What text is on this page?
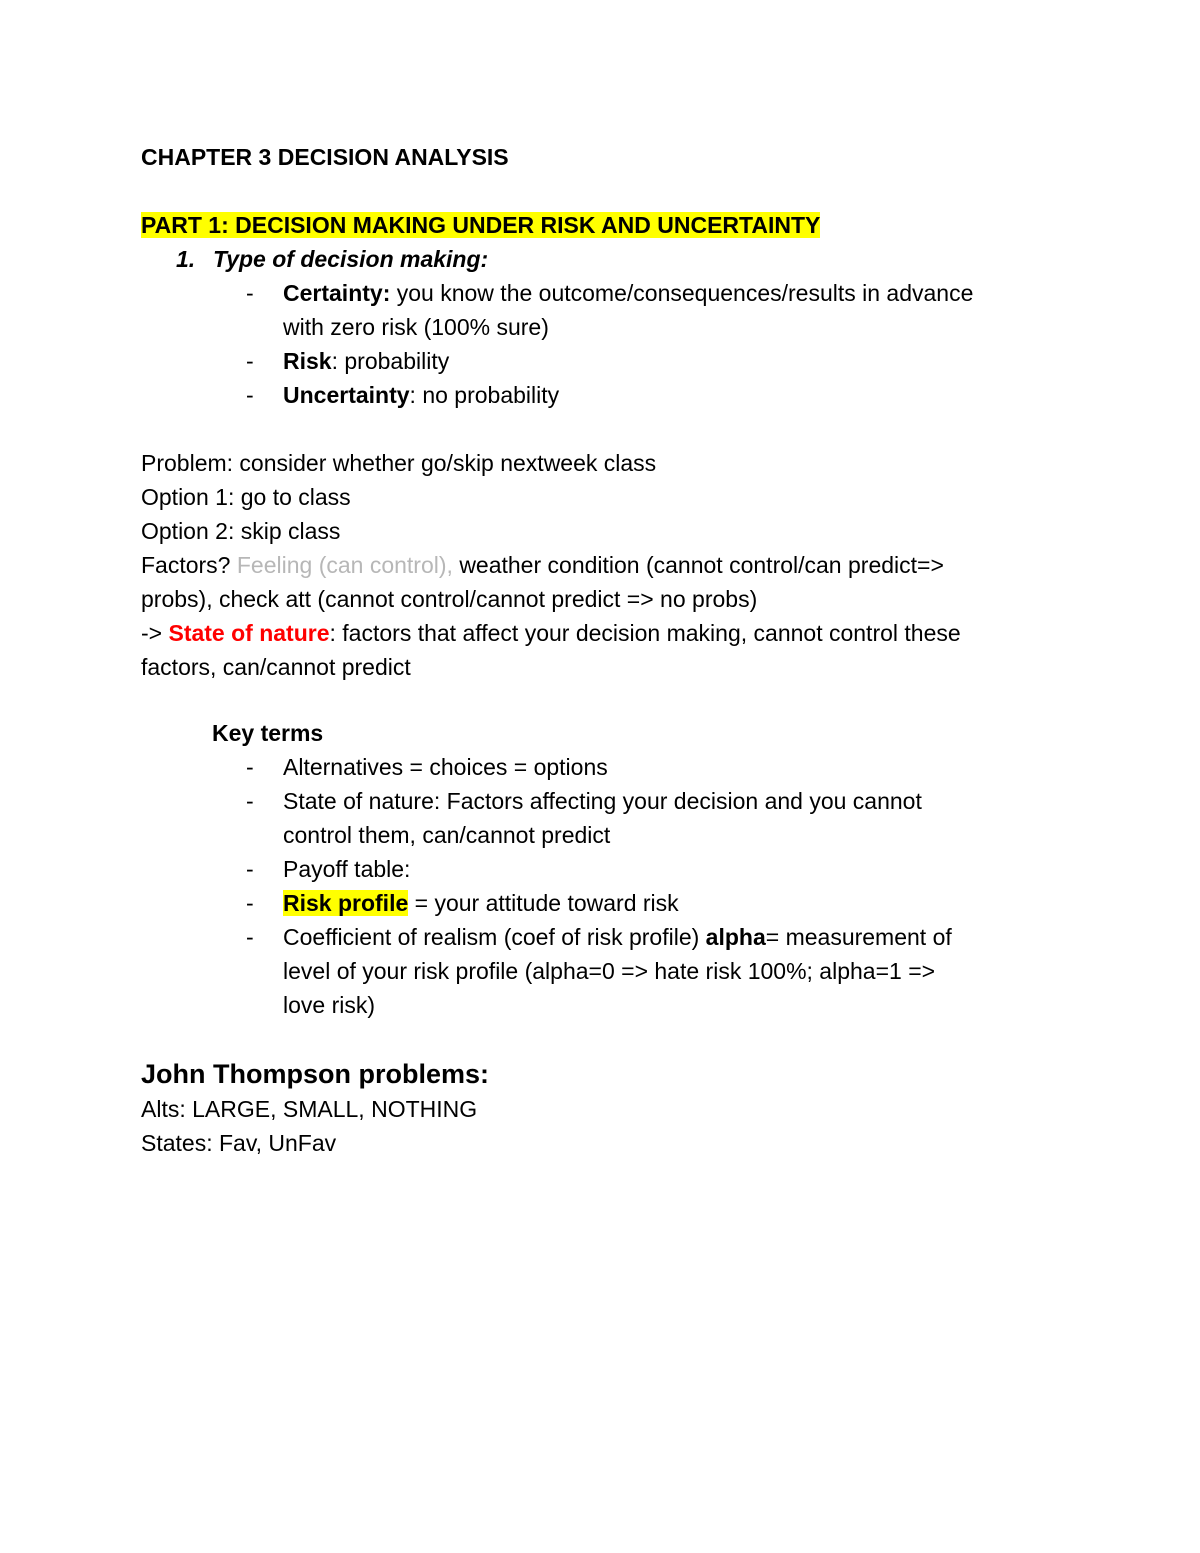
CHAPTER 3 DECISION ANALYSIS
PART 1: DECISION MAKING UNDER RISK AND UNCERTAINTY
1. Type of decision making:
- Certainty: you know the outcome/consequences/results in advance
with zero risk (100% sure)
- Risk: probability
- Uncertainty: no probability
Problem: consider whether go/skip nextweek class
Option 1: go to class
Option 2: skip class
Factors? Feeling (can control), weather condition (cannot control/can predict=>
probs), check att (cannot control/cannot predict => no probs)
-> State of nature: factors that affect your decision making, cannot control these
factors, can/cannot predict
Key terms
- Alternatives = choices = options
- State of nature: Factors affecting your decision and you cannot
control them, can/cannot predict
- Payoff table:
- Risk profile = your attitude toward risk
- Coefficient of realism (coef of risk profile) alpha= measurement of
level of your risk profile (alpha=0 => hate risk 100%; alpha=1 =>
love risk)
John Thompson problems:
Alts: LARGE, SMALL, NOTHING
States: Fav, UnFav
